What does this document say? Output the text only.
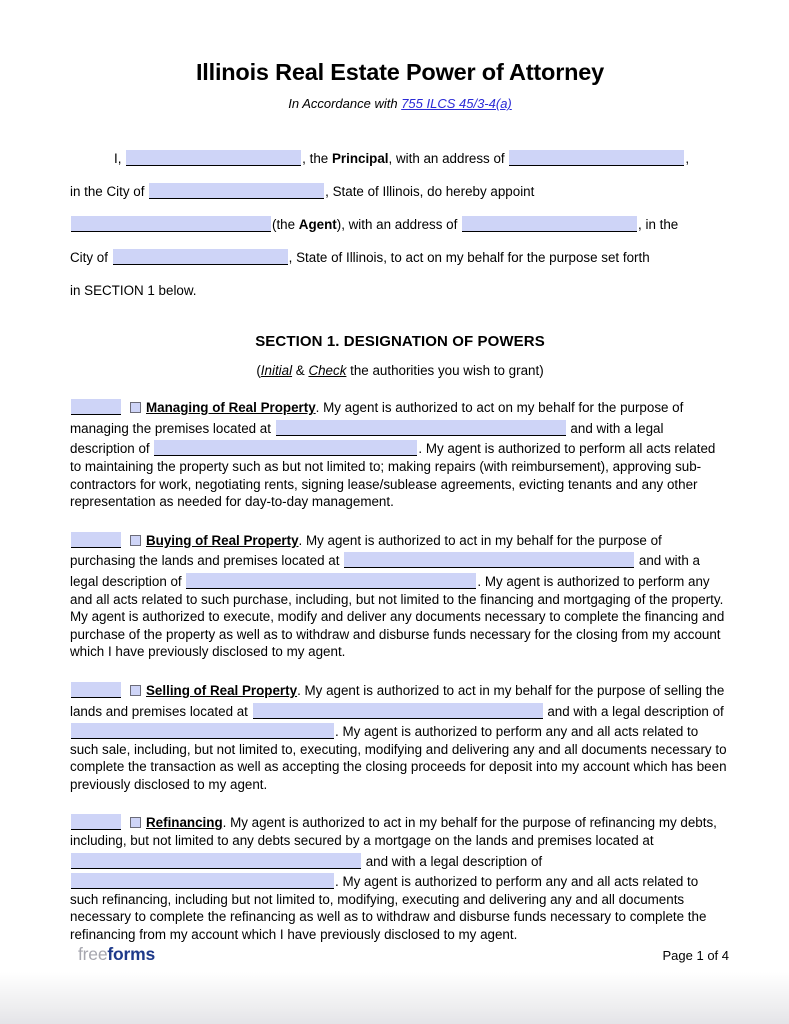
Illinois Real Estate Power of Attorney
In Accordance with 755 ILCS 45/3-4(a)
I,	, the Principal, with an address of	,
in the City of	, State of Illinois, do hereby appoint
(the Agent), with an address of	, in the
City of	, State of Illinois, to act on my behalf for the purpose set forth
in SECTION 1 below.
SECTION 1. DESIGNATION OF POWERS
(Initial & Check the authorities you wish to grant)
Managing of Real Property. My agent is authorized to act on my behalf for the purpose of managing the premises located at	and with a legal description of	. My agent is authorized to perform all acts related to maintaining the property such as but not limited to; making repairs (with reimbursement), approving sub-contractors for work, negotiating rents, signing lease/sublease agreements, evicting tenants and any other representation as needed for day-to-day management.
Buying of Real Property. My agent is authorized to act in my behalf for the purpose of purchasing the lands and premises located at	and with a legal description of	. My agent is authorized to perform any and all acts related to such purchase, including, but not limited to the financing and mortgaging of the property. My agent is authorized to execute, modify and deliver any documents necessary to complete the financing and purchase of the property as well as to withdraw and disburse funds necessary for the closing from my account which I have previously disclosed to my agent.
Selling of Real Property. My agent is authorized to act in my behalf for the purpose of selling the lands and premises located at	and with a legal description of . My agent is authorized to perform any and all acts related to such sale, including, but not limited to, executing, modifying and delivering any and all documents necessary to complete the transaction as well as accepting the closing proceeds for deposit into my account which has been previously disclosed to my agent.
Refinancing. My agent is authorized to act in my behalf for the purpose of refinancing my debts, including, but not limited to any debts secured by a mortgage on the lands and premises located at  and with a legal description of . My agent is authorized to perform any and all acts related to such refinancing, including but not limited to, modifying, executing and delivering any and all documents necessary to complete the refinancing as well as to withdraw and disburse funds necessary to complete the refinancing from my account which I have previously disclosed to my agent.
freeforms	Page 1 of 4
